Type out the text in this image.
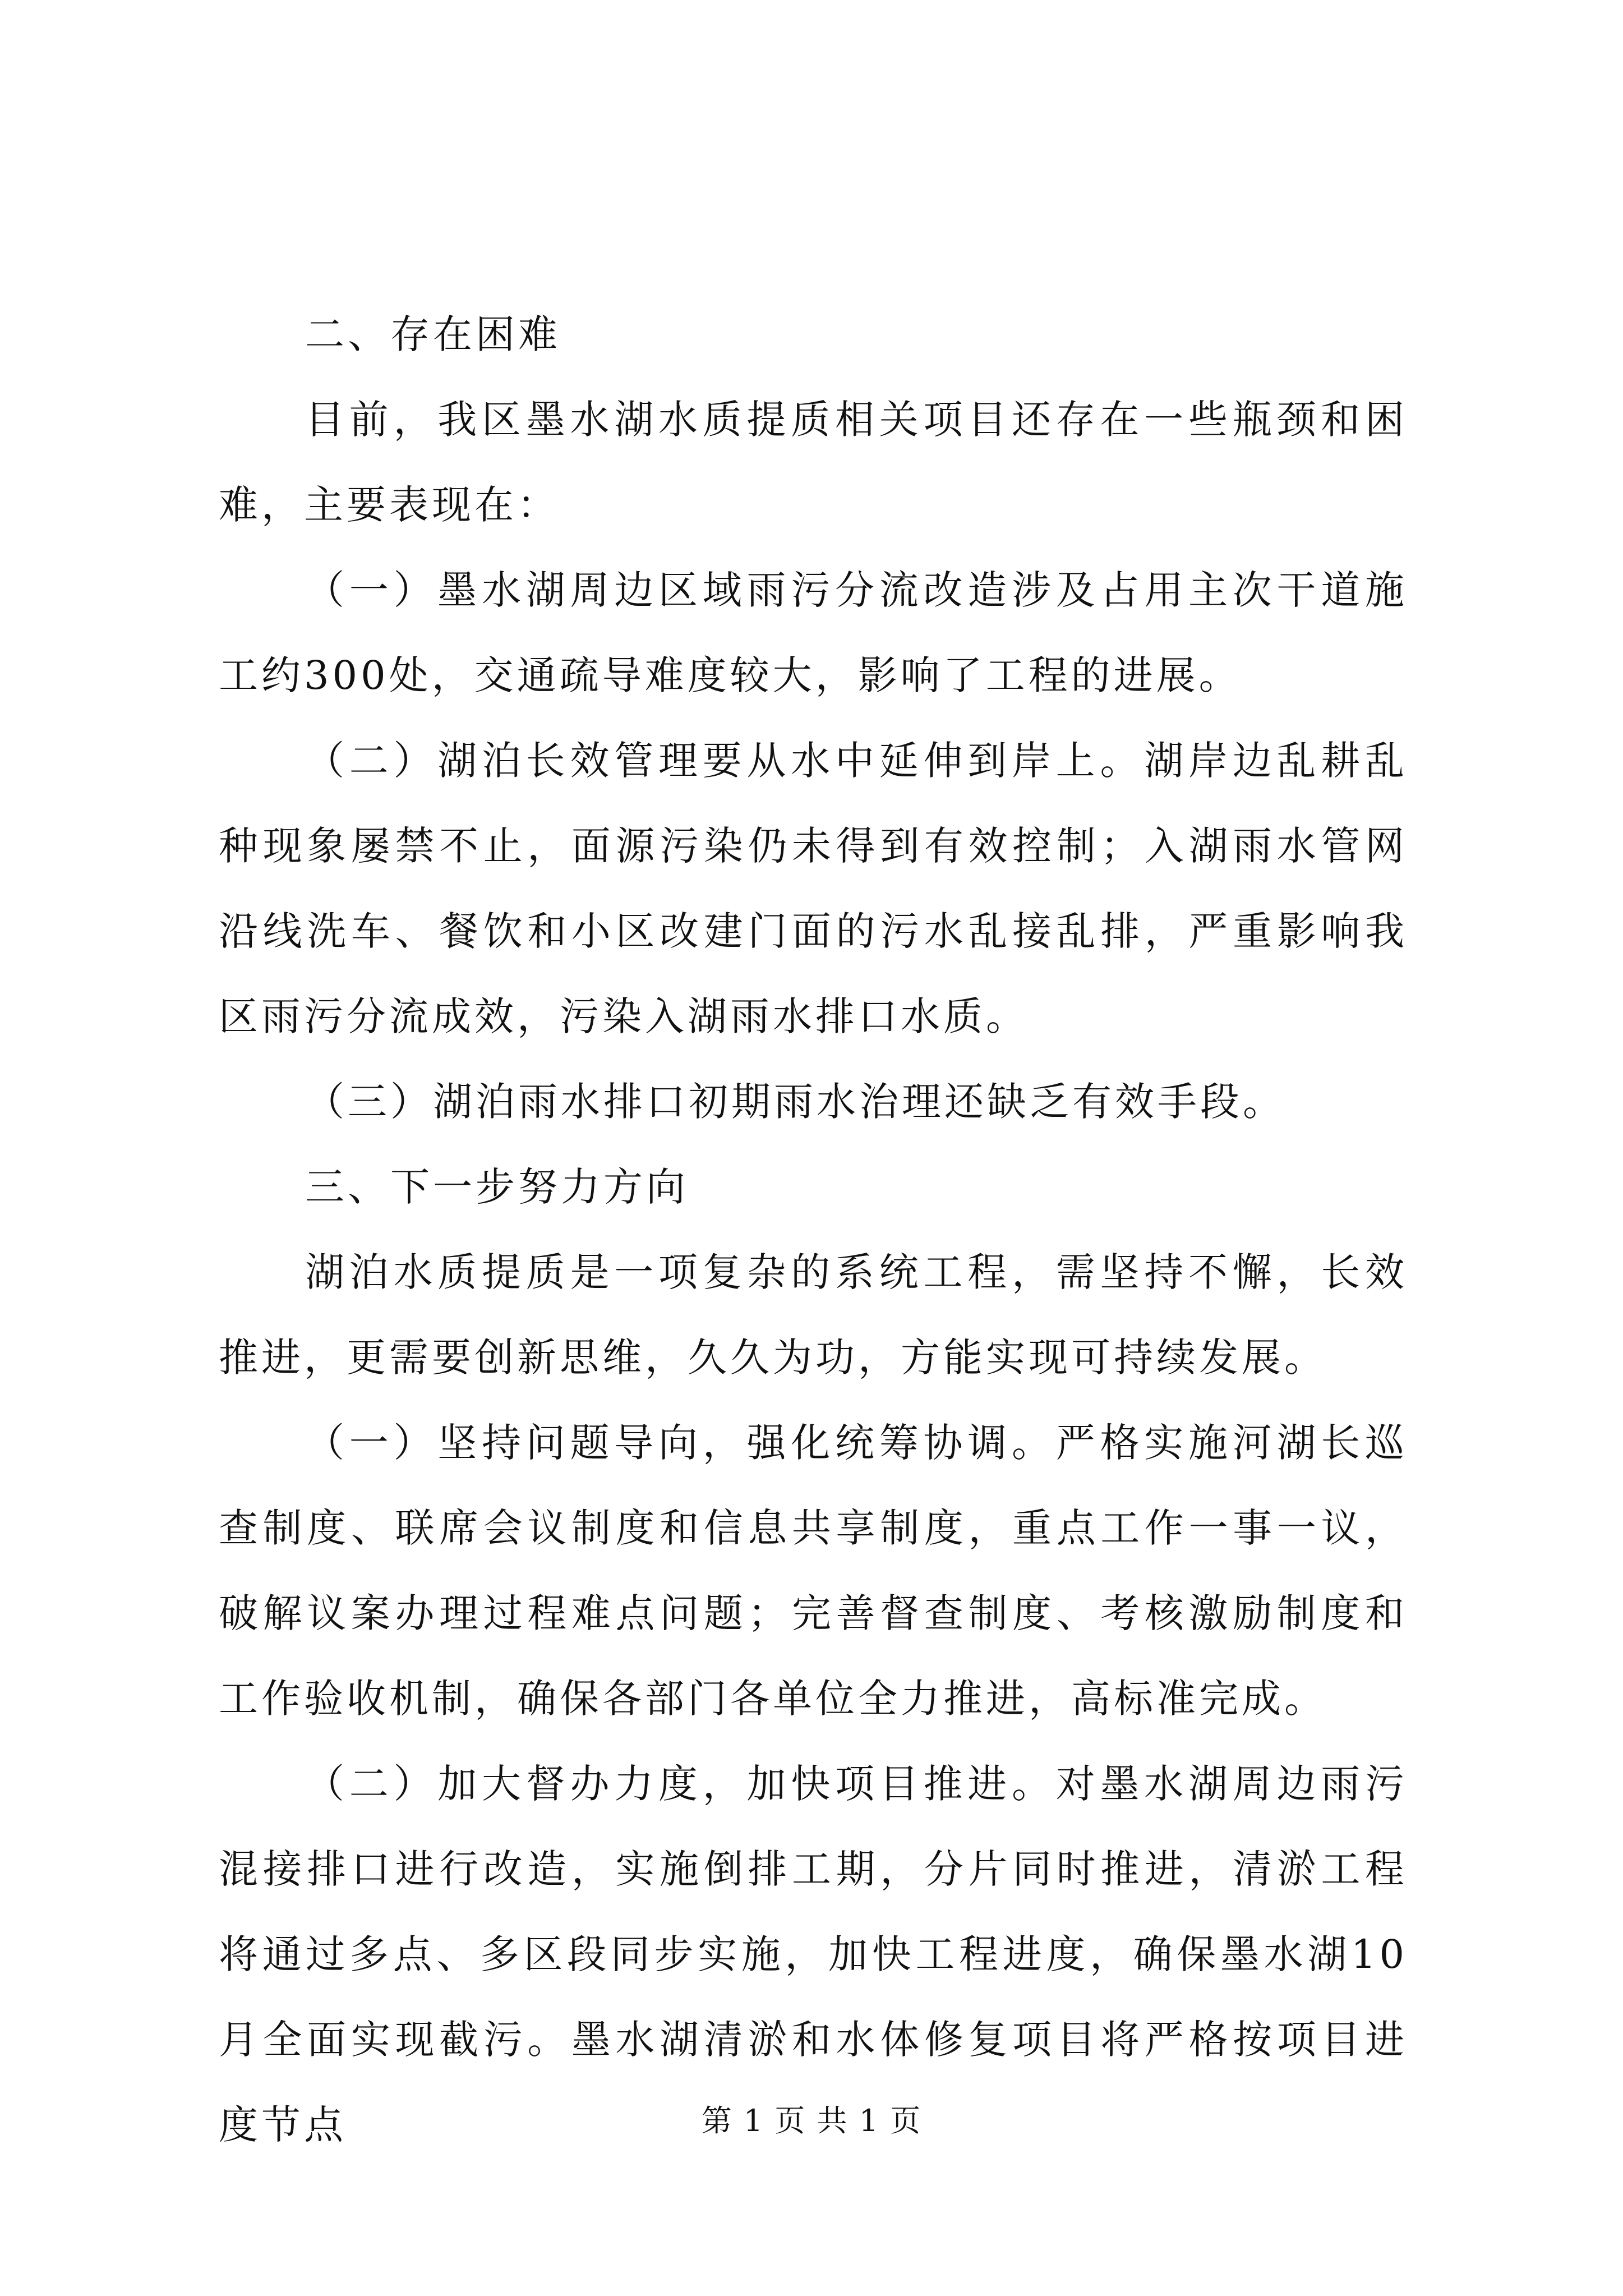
二、存在困难

目前，我区墨水湖水质提质相关项目还存在一些瓶颈和困难，主要表现在：

（一）墨水湖周边区域雨污分流改造涉及占用主次干道施工约300处，交通疏导难度较大，影响了工程的进展。

（二）湖泊长效管理要从水中延伸到岸上。湖岸边乱耕乱种现象屡禁不止，面源污染仍未得到有效控制；入湖雨水管网沿线洗车、餐饮和小区改建门面的污水乱接乱排，严重影响我区雨污分流成效，污染入湖雨水排口水质。

（三）湖泊雨水排口初期雨水治理还缺乏有效手段。

三、下一步努力方向

湖泊水质提质是一项复杂的系统工程，需坚持不懈，长效推进，更需要创新思维，久久为功，方能实现可持续发展。

（一）坚持问题导向，强化统筹协调。严格实施河湖长巡查制度、联席会议制度和信息共享制度，重点工作一事一议，破解议案办理过程难点问题；完善督查制度、考核激励制度和工作验收机制，确保各部门各单位全力推进，高标准完成。

（二）加大督办力度，加快项目推进。对墨水湖周边雨污混接排口进行改造，实施倒排工期，分片同时推进，清淤工程将通过多点、多区段同步实施，加快工程进度，确保墨水湖10月全面实现截污。墨水湖清淤和水体修复项目将严格按项目进度节点	第 1 页 共 1 页
